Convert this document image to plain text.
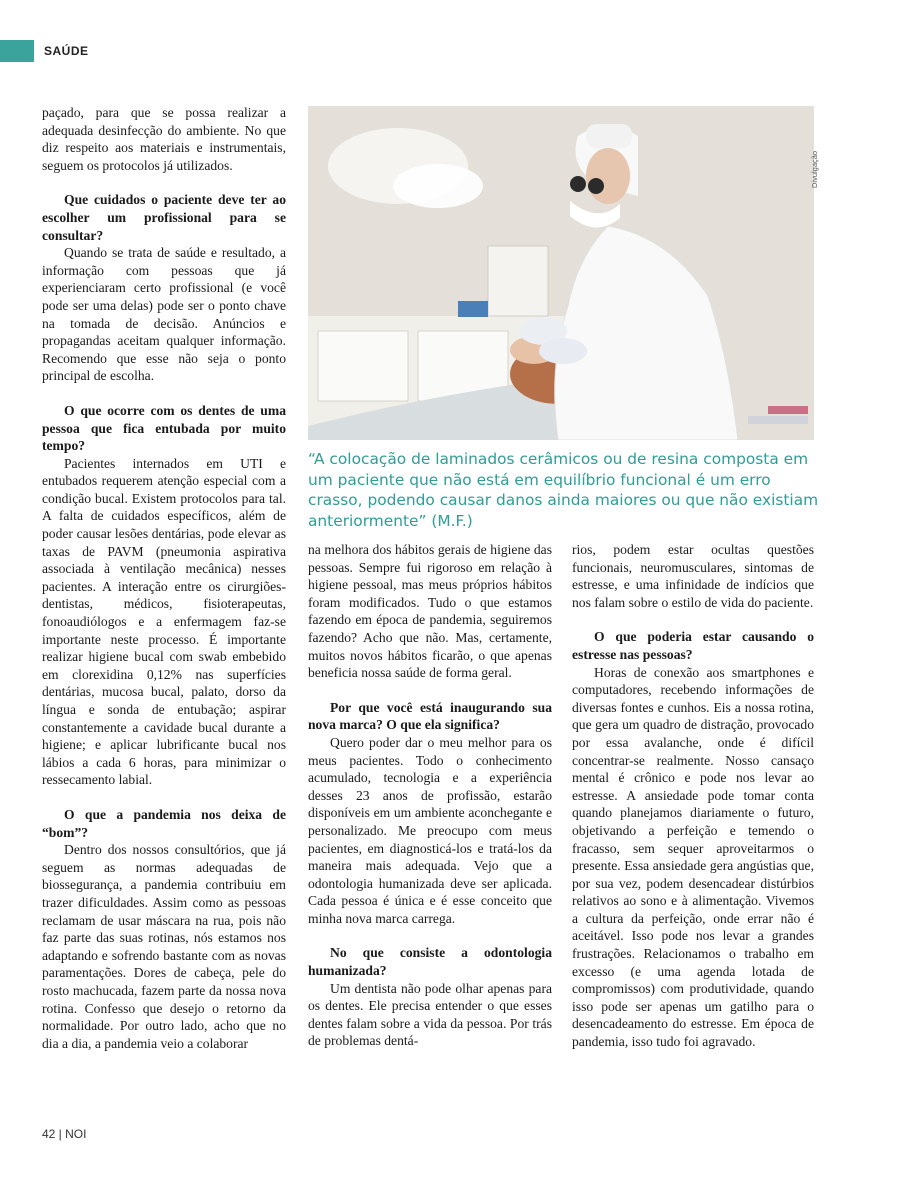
SAÚDE

paçado, para que se possa realizar a adequada desinfecção do ambiente. No que diz respeito aos materiais e instrumentais, seguem os protocolos já utilizados.

Que cuidados o paciente deve ter ao escolher um profissional para se consultar?

Quando se trata de saúde e resultado, a informação com pessoas que já experienciaram certo profissional (e você pode ser uma delas) pode ser o ponto chave na tomada de decisão. Anúncios e propagandas aceitam qualquer informação. Recomendo que esse não seja o ponto principal de escolha.

O que ocorre com os dentes de uma pessoa que fica entubada por muito tempo?

Pacientes internados em UTI e entubados requerem atenção especial com a condição bucal. Existem protocolos para tal. A falta de cuidados específicos, além de poder causar lesões dentárias, pode elevar as taxas de PAVM (pneumonia aspirativa associada à ventilação mecânica) nesses pacientes. A interação entre os cirurgiões-dentistas, médicos, fisioterapeutas, fonoaudiólogos e a enfermagem faz-se importante neste processo. É importante realizar higiene bucal com swab embebido em clorexidina 0,12% nas superfícies dentárias, mucosa bucal, palato, dorso da língua e sonda de entubação; aspirar constantemente a cavidade bucal durante a higiene; e aplicar lubrificante bucal nos lábios a cada 6 horas, para minimizar o ressecamento labial.

O que a pandemia nos deixa de “bom”?

Dentro dos nossos consultórios, que já seguem as normas adequadas de biossegurança, a pandemia contribuiu em trazer dificuldades. Assim como as pessoas reclamam de usar máscara na rua, pois não faz parte das suas rotinas, nós estamos nos adaptando e sofrendo bastante com as novas paramentações. Dores de cabeça, pele do rosto machucada, fazem parte da nossa nova rotina. Confesso que desejo o retorno da normalidade. Por outro lado, acho que no dia a dia, a pandemia veio a colaborar

Divulgação
“A colocação de laminados cerâmicos ou de resina composta em um paciente que não está em equilíbrio funcional é um erro crasso, podendo causar danos ainda maiores ou que não existiam anteriormente” (M.F.)

na melhora dos hábitos gerais de higiene das pessoas. Sempre fui rigoroso em relação à higiene pessoal, mas meus próprios hábitos foram modificados. Tudo o que estamos fazendo em época de pandemia, seguiremos fazendo? Acho que não. Mas, certamente, muitos novos hábitos ficarão, o que apenas beneficia nossa saúde de forma geral.

Por que você está inaugurando sua nova marca? O que ela significa?

Quero poder dar o meu melhor para os meus pacientes. Todo o conhecimento acumulado, tecnologia e a experiência desses 23 anos de profissão, estarão disponíveis em um ambiente aconchegante e personalizado. Me preocupo com meus pacientes, em diagnosticá-los e tratá-los da maneira mais adequada. Vejo que a odontologia humanizada deve ser aplicada. Cada pessoa é única e é esse conceito que minha nova marca carrega.

No que consiste a odontologia humanizada?

Um dentista não pode olhar apenas para os dentes. Ele precisa entender o que esses dentes falam sobre a vida da pessoa. Por trás de problemas dentá-

rios, podem estar ocultas questões funcionais, neuromusculares, sintomas de estresse, e uma infinidade de indícios que nos falam sobre o estilo de vida do paciente.

O que poderia estar causando o estresse nas pessoas?

Horas de conexão aos smartphones e computadores, recebendo informações de diversas fontes e cunhos. Eis a nossa rotina, que gera um quadro de distração, provocado por essa avalanche, onde é difícil concentrar-se realmente. Nosso cansaço mental é crônico e pode nos levar ao estresse. A ansiedade pode tomar conta quando planejamos diariamente o futuro, objetivando a perfeição e temendo o fracasso, sem sequer aproveitarmos o presente. Essa ansiedade gera angústias que, por sua vez, podem desencadear distúrbios relativos ao sono e à alimentação. Vivemos a cultura da perfeição, onde errar não é aceitável. Isso pode nos levar a grandes frustrações. Relacionamos o trabalho em excesso (e uma agenda lotada de compromissos) com produtividade, quando isso pode ser apenas um gatilho para o desencadeamento do estresse. Em época de pandemia, isso tudo foi agravado.

42 | NOI
